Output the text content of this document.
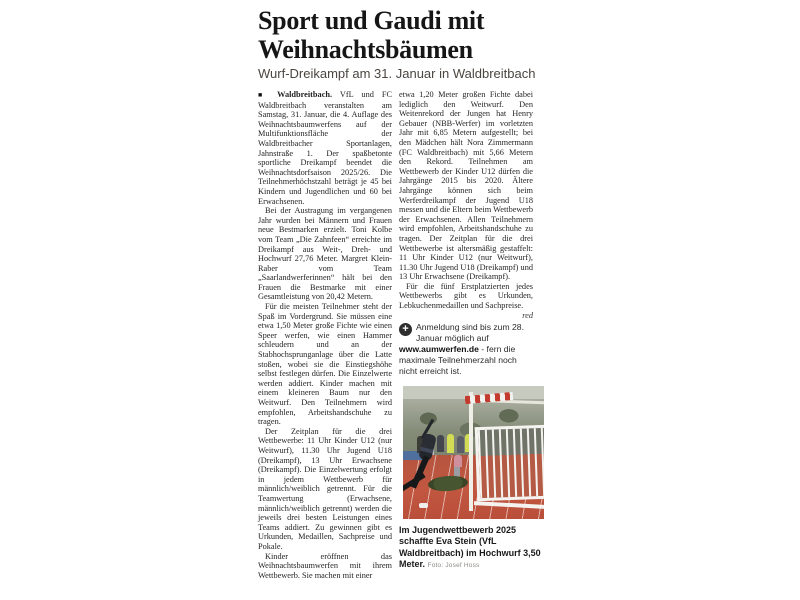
Sport und Gaudi mit
Weihnachtsbäumen
Wurf-Dreikampf am 31. Januar in Waldbreitbach

■ Waldbreitbach. VfL und FC Waldbreitbach veranstalten am Samstag, 31. Januar, die 4. Auflage des Weihnachtsbaumwerfens auf der Multifunktionsfläche der Waldbreitbacher Sportanlagen, Jahnstraße 1. Der spaßbetonte sportliche Dreikampf beendet die Weihnachtsdorfsaison 2025/26. Die Teilnehmerhöchstzahl beträgt je 45 bei Kindern und Jugendlichen und 60 bei Erwachsenen.

Bei der Austragung im vergangenen Jahr wurden bei Männern und Frauen neue Bestmarken erzielt. Toni Kolbe vom Team „Die Zahnfeen“ erreichte im Dreikampf aus Weit-, Dreh- und Hochwurf 27,76 Meter. Margret Klein-Raber vom Team „Saarlandwerferinnen“ hält bei den Frauen die Bestmarke mit einer Gesamtleistung von 20,42 Metern.

Für die meisten Teilnehmer steht der Spaß im Vordergrund. Sie müssen eine etwa 1,50 Meter große Fichte wie einen Speer werfen, wie einen Hammer schleudern und an der Stabhochsprunganlage über die Latte stoßen, wobei sie die Einstiegshöhe selbst festlegen dürfen. Die Einzelwerte werden addiert. Kinder machen mit einem kleineren Baum nur den Weitwurf. Den Teilnehmern wird empfohlen, Arbeitshandschuhe zu tragen.

Der Zeitplan für die drei Wettbewerbe: 11 Uhr Kinder U12 (nur Weitwurf), 11.30 Uhr Jugend U18 (Dreikampf), 13 Uhr Erwachsene (Dreikampf). Die Einzelwertung erfolgt in jedem Wettbewerb für männlich/weiblich getrennt. Für die Teamwertung (Erwachsene, männlich/weiblich getrennt) werden die jeweils drei besten Leistungen eines Teams addiert. Zu gewinnen gibt es Urkunden, Medaillen, Sachpreise und Pokale.

Kinder eröffnen das Weihnachtsbaumwerfen mit ihrem Wettbewerb. Sie machen mit einer

etwa 1,20 Meter großen Fichte dabei lediglich den Weitwurf. Den Weitenrekord der Jungen hat Henry Gebauer (NBB-Werfer) im vorletzten Jahr mit 6,85 Metern aufgestellt; bei den Mädchen hält Nora Zimmermann (FC Waldbreitbach) mit 5,66 Metern den Rekord. Teilnehmen am Wettbewerb der Kinder U12 dürfen die Jahrgänge 2015 bis 2020. Ältere Jahrgänge können sich beim Werferdreikampf der Jugend U18 messen und die Eltern beim Wettbewerb der Erwachsenen. Allen Teilnehmern wird empfohlen, Arbeitshandschuhe zu tragen. Der Zeitplan für die drei Wettbewerbe ist altersmäßig gestaffelt: 11 Uhr Kinder U12 (nur Weitwurf), 11.30 Uhr Jugend U18 (Dreikampf) und 13 Uhr Erwachsene (Dreikampf).

Für die fünf Erstplatzierten jedes Wettbewerbs gibt es Urkunden, Lebkuchenmedaillen und Sachpreise.
red

+ Anmeldung sind bis zum 28. Januar möglich auf www.aumwerfen.de - fern die maximale Teilnehmerzahl noch nicht erreicht ist.
Im Jugendwettbewerb 2025 schaffte Eva Stein (VfL Waldbreitbach) im Hochwurf 3,50 Meter. Foto: Josef Hoss
